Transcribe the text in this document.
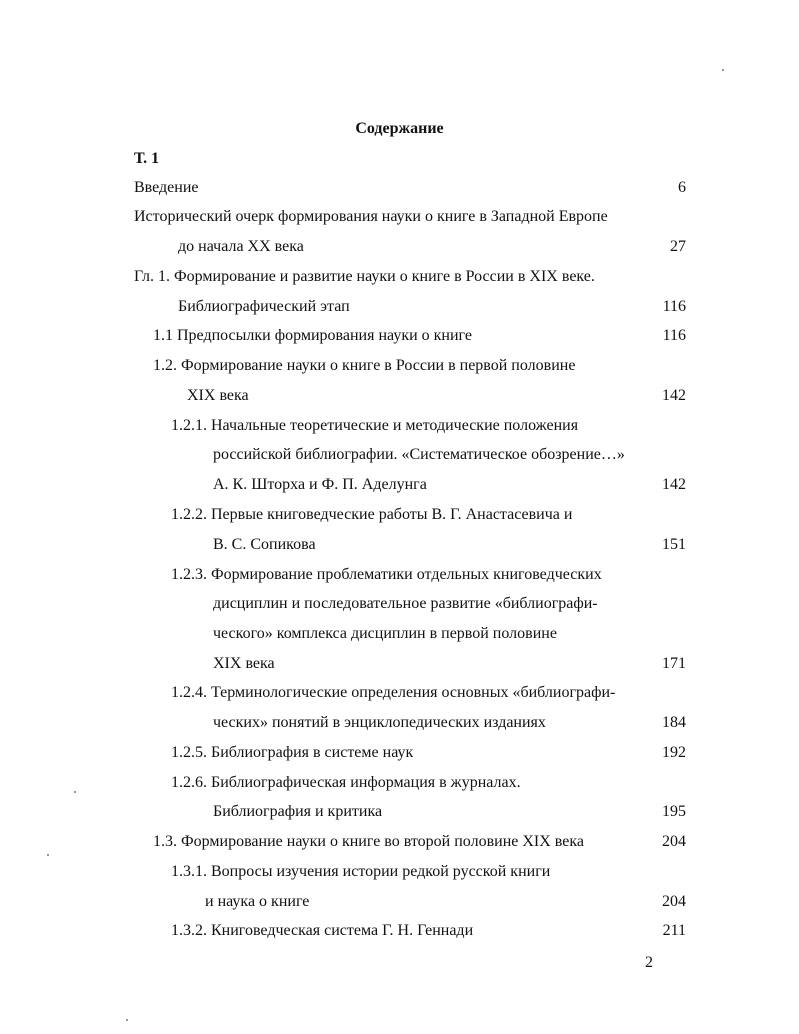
Содержание
Т. 1
Введение	6
Исторический очерк формирования науки о книге в Западной Европе
до начала XX века	27
Гл. 1. Формирование и развитие науки о книге в России в XIX веке.
Библиографический этап	116
1.1 Предпосылки формирования науки о книге	116
1.2. Формирование науки о книге в России в первой половине
XIX века	142
1.2.1. Начальные теоретические и методические положения
российской библиографии. «Систематическое обозрение…»
А. К. Шторха и Ф. П. Аделунга	142
1.2.2. Первые книговедческие работы В. Г. Анастасевича и
В. С. Сопикова	151
1.2.3. Формирование проблематики отдельных книговедческих
дисциплин и последовательное развитие «библиографи-
ческого» комплекса дисциплин в первой половине
XIX века	171
1.2.4. Терминологические определения основных «библиографи-
ческих» понятий в энциклопедических изданиях	184
1.2.5. Библиография в системе наук	192
1.2.6. Библиографическая информация в журналах.
Библиография и критика	195
1.3. Формирование науки о книге во второй половине XIX века	204
1.3.1. Вопросы изучения истории редкой русской книги
и наука о книге	204
1.3.2. Книговедческая система Г. Н. Геннади	211
2
